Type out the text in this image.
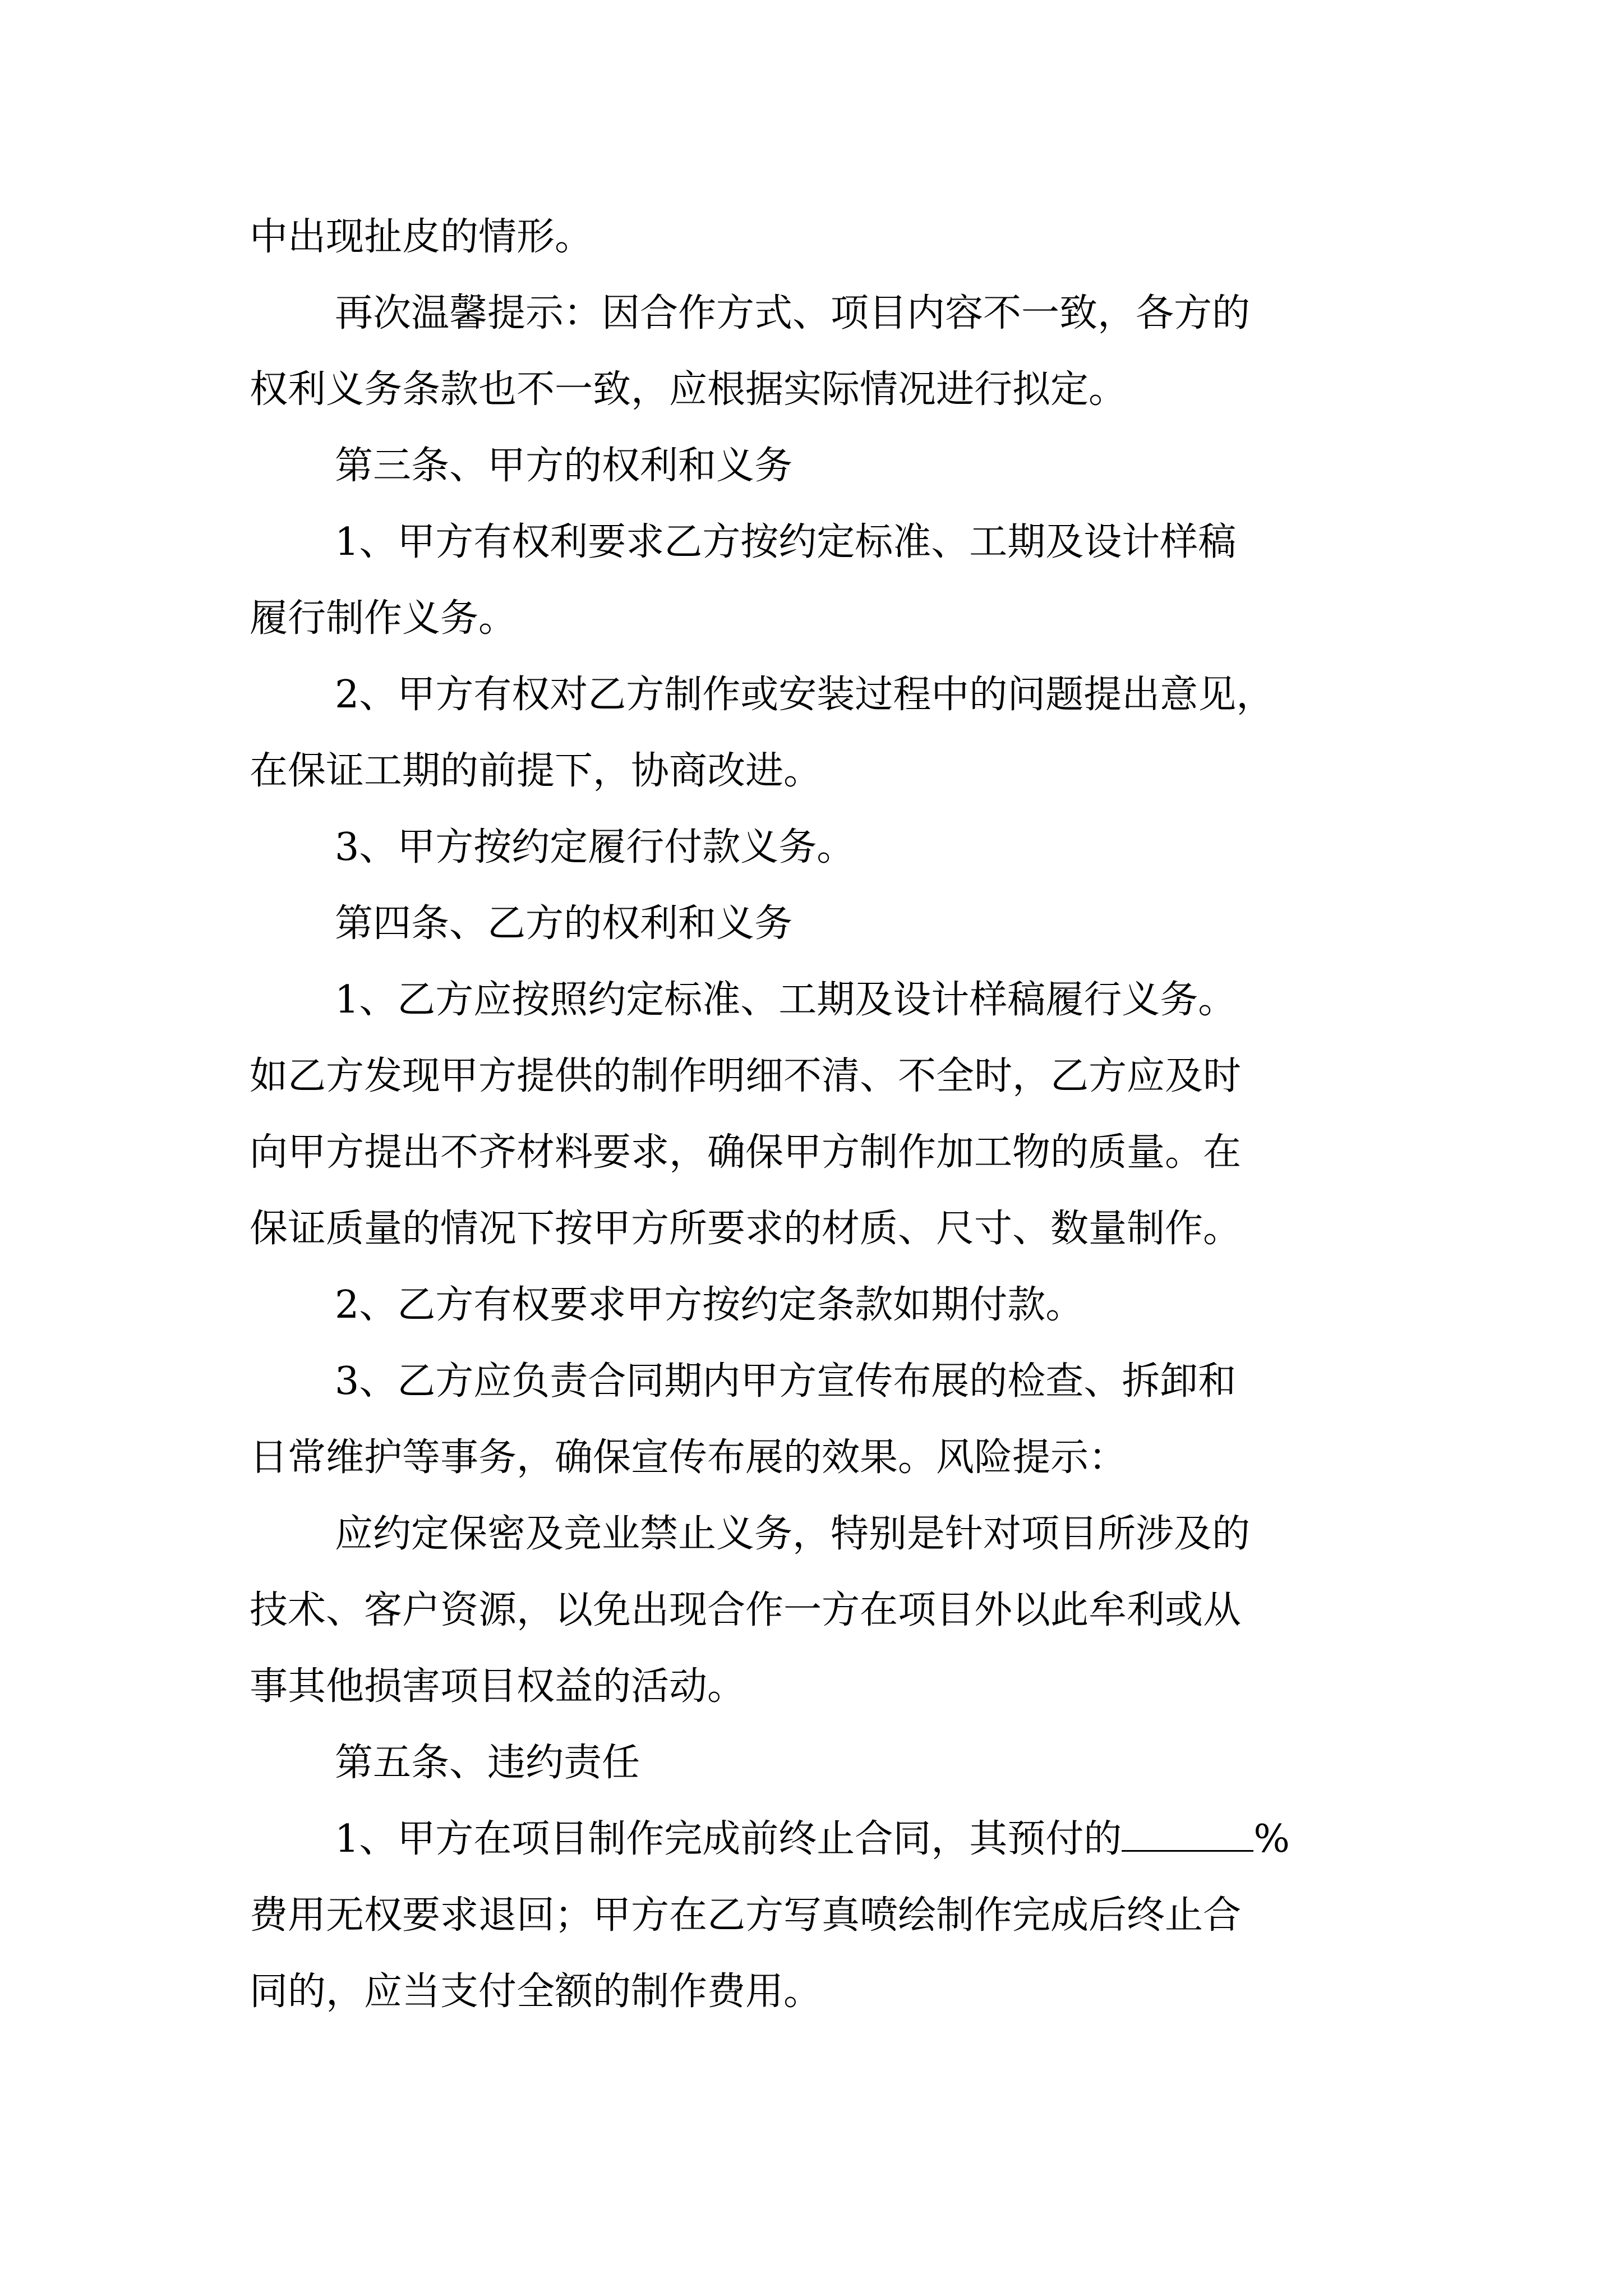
中出现扯皮的情形。

再次温馨提示：因合作方式、项目内容不一致，各方的

权利义务条款也不一致，应根据实际情况进行拟定。

第三条、甲方的权利和义务

1、甲方有权利要求乙方按约定标准、工期及设计样稿

履行制作义务。

2、甲方有权对乙方制作或安装过程中的问题提出意见，

在保证工期的前提下，协商改进。

3、甲方按约定履行付款义务。

第四条、乙方的权利和义务

1、乙方应按照约定标准、工期及设计样稿履行义务。

如乙方发现甲方提供的制作明细不清、不全时，乙方应及时

向甲方提出不齐材料要求，确保甲方制作加工物的质量。在

保证质量的情况下按甲方所要求的材质、尺寸、数量制作。

2、乙方有权要求甲方按约定条款如期付款。

3、乙方应负责合同期内甲方宣传布展的检查、拆卸和

日常维护等事务，确保宣传布展的效果。风险提示：

应约定保密及竞业禁止义务，特别是针对项目所涉及的

技术、客户资源，以免出现合作一方在项目外以此牟利或从

事其他损害项目权益的活动。

第五条、违约责任

1、甲方在项目制作完成前终止合同，其预付的	%

费用无权要求退回；甲方在乙方写真喷绘制作完成后终止合

同的，应当支付全额的制作费用。
